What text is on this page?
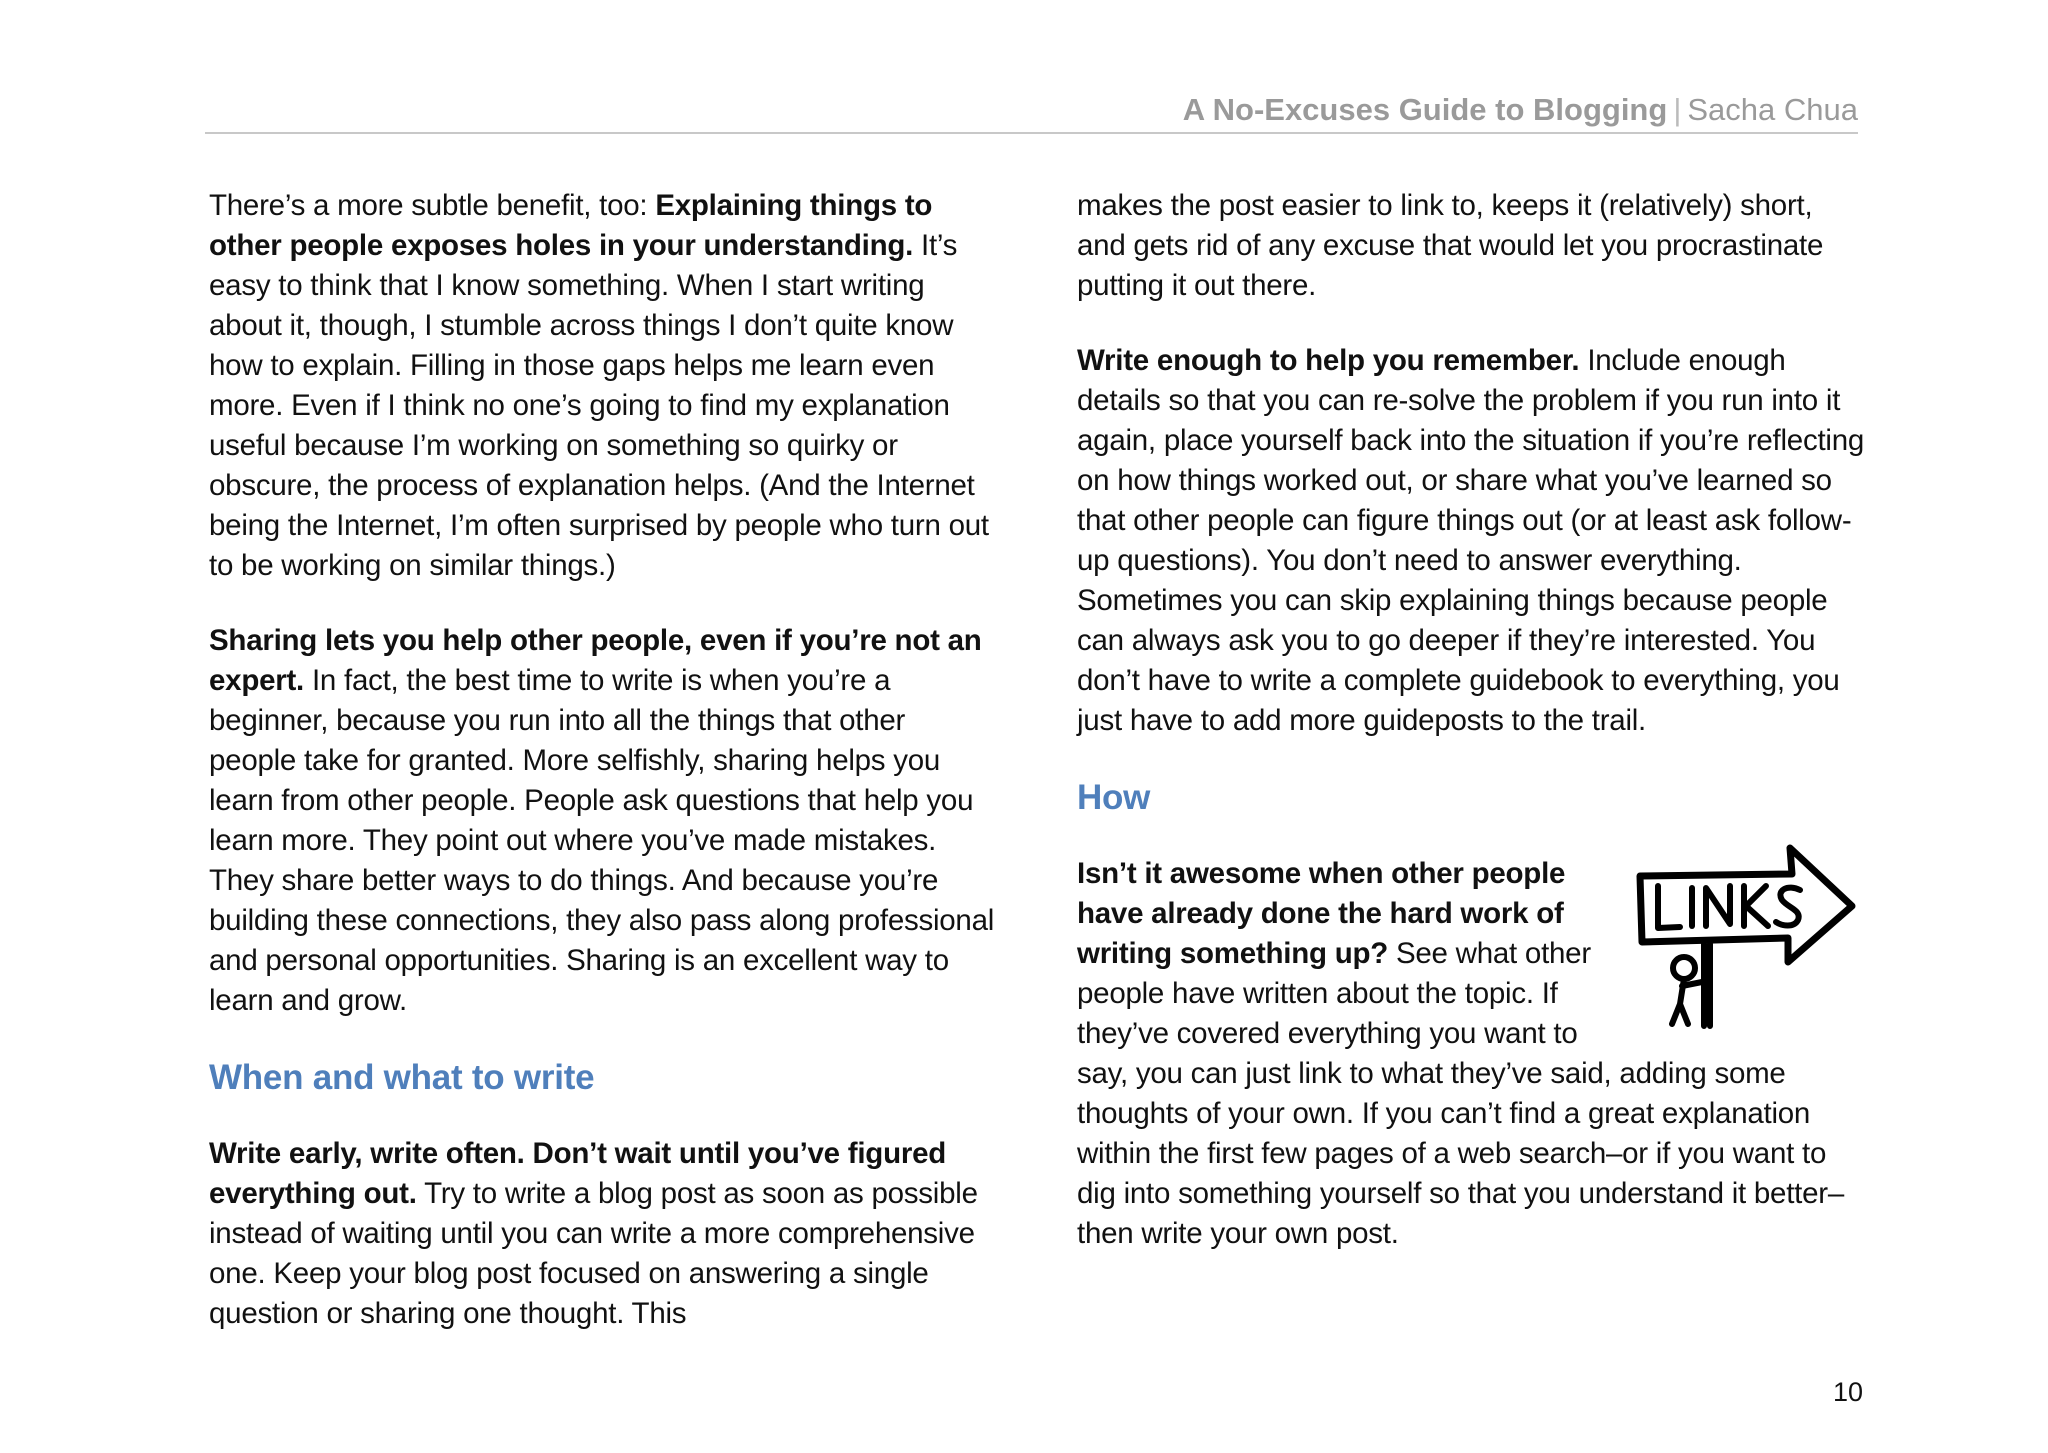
A No-Excuses Guide to Blogging | Sacha Chua

There’s a more subtle benefit, too: Explaining things to other people exposes holes in your understanding. It’s easy to think that I know something. When I start writing about it, though, I stumble across things I don’t quite know how to explain. Filling in those gaps helps me learn even more. Even if I think no one’s going to find my explanation useful because I’m working on something so quirky or obscure, the process of explanation helps. (And the Internet being the Internet, I’m often surprised by people who turn out to be working on similar things.)

Sharing lets you help other people, even if you’re not an expert. In fact, the best time to write is when you’re a beginner, because you run into all the things that other people take for granted. More selfishly, sharing helps you learn from other people. People ask questions that help you learn more. They point out where you’ve made mistakes. They share better ways to do things. And because you’re building these connections, they also pass along professional and personal opportunities. Sharing is an excellent way to learn and grow.

When and what to write

Write early, write often. Don’t wait until you’ve figured everything out. Try to write a blog post as soon as possible instead of waiting until you can write a more comprehensive one. Keep your blog post focused on answering a single question or sharing one thought. This

makes the post easier to link to, keeps it (relatively) short, and gets rid of any excuse that would let you procrastinate putting it out there.

Write enough to help you remember. Include enough details so that you can re-solve the problem if you run into it again, place yourself back into the situation if you’re reflecting on how things worked out, or share what you’ve learned so that other people can figure things out (or at least ask follow-up questions). You don’t need to answer everything. Sometimes you can skip explaining things because people can always ask you to go deeper if they’re interested. You don’t have to write a complete guidebook to everything, you just have to add more guideposts to the trail.

How

Isn’t it awesome when other people have already done the hard work of writing something up? See what other people have written about the topic. If they’ve covered everything you want to say, you can just link to what they’ve said, adding some thoughts of your own. If you can’t find a great explanation within the first few pages of a web search–or if you want to dig into something yourself so that you understand it better–then write your own post.

10
